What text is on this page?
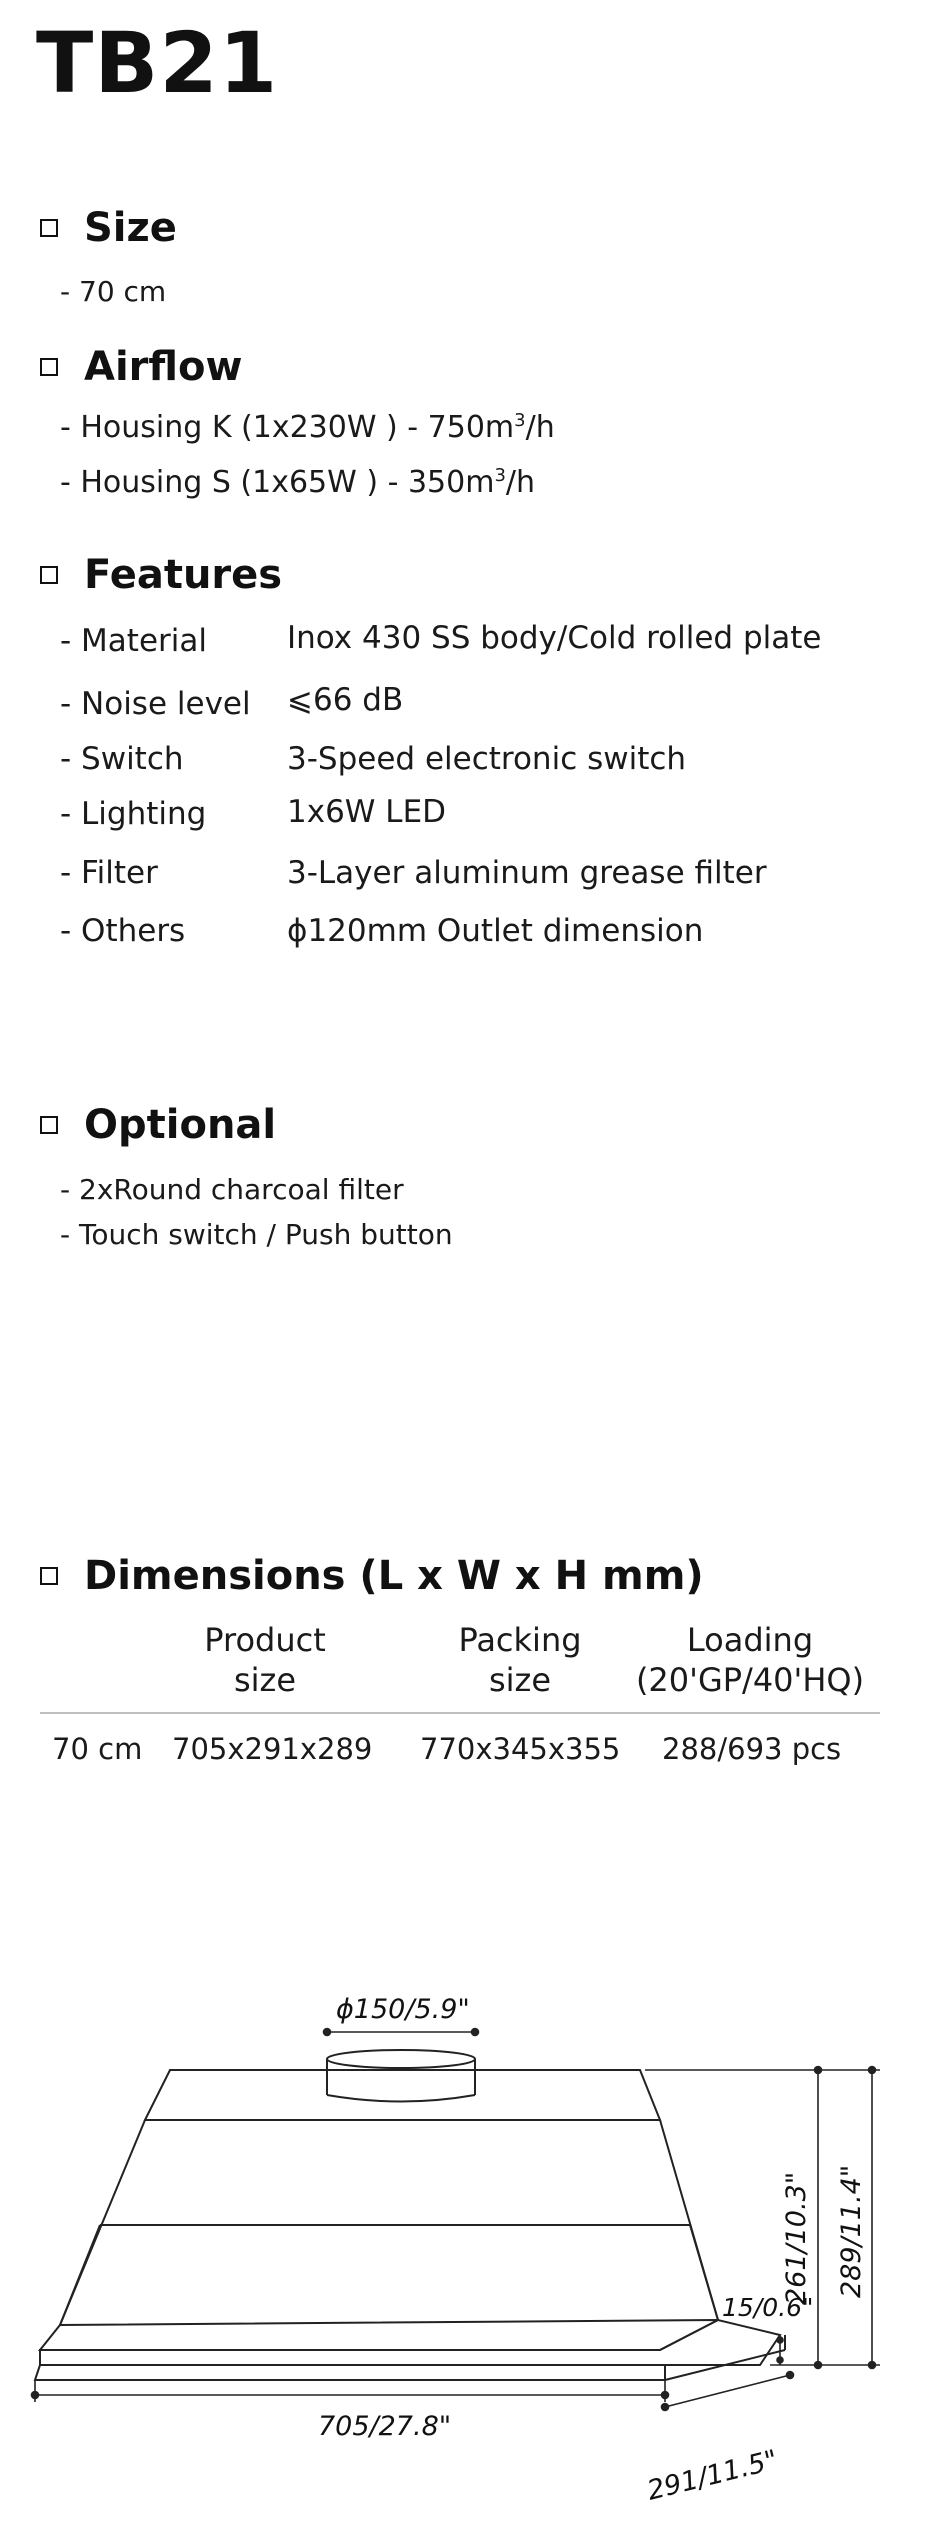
TB21
Size
- 70 cm
Airflow
- Housing K (1x230W ) - $750m^3/h$
- Housing S (1x65W ) - $350m^3/h$
Features
- Material	Inox 430 SS body/Cold rolled plate
- Noise level ⩽66 dB
- Switch	3-Speed electronic switch
- Lighting	1x6W LED
- Filter	3-Layer aluminum grease filter
- Others	ϕ120mm Outlet dimension
Optional
- 2xRound charcoal filter
- Touch switch / Push button
Dimensions (L x W x H mm)
Product
size
Packing
size
Loading
(20'GP/40'HQ)
70 cm 705x291x289 770x345x355 288/693 pcs
ϕ150/5.9"
705/27.8"
291/11.5"
261/10.3" 289/11.4"
15/0.6"
